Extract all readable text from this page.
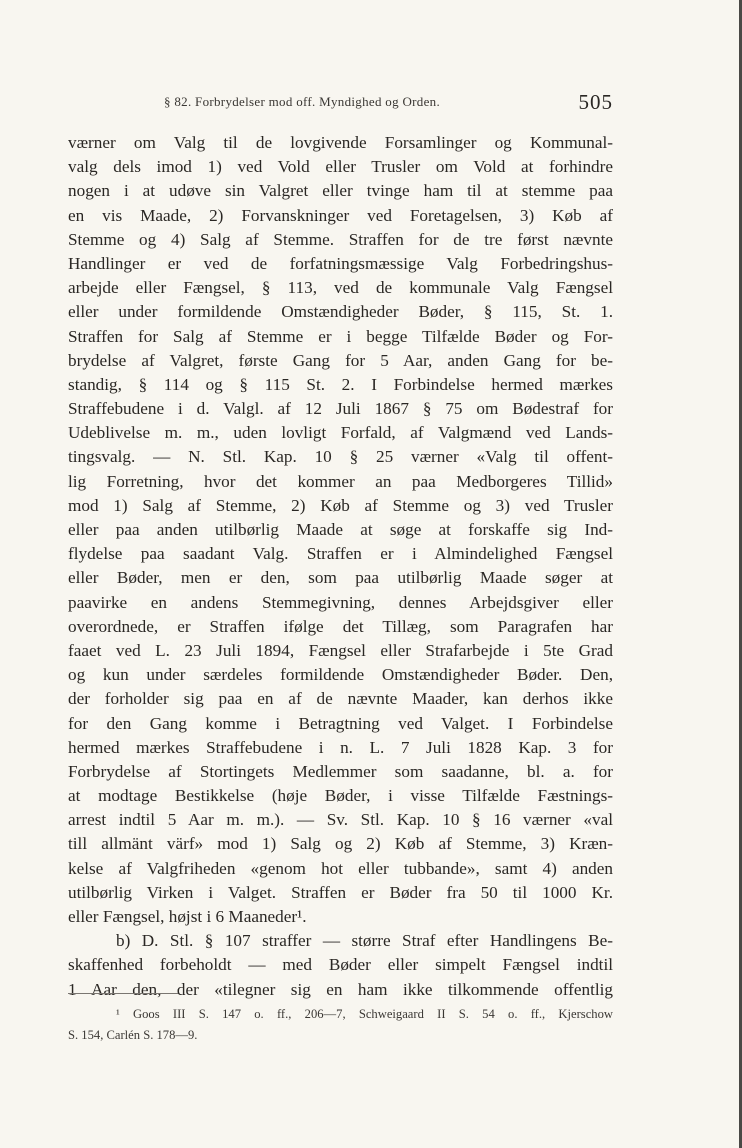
§ 82. Forbrydelser mod off. Myndighed og Orden.	505
værner om Valg til de lovgivende Forsamlinger og Kommunal-
valg dels imod 1) ved Vold eller Trusler om Vold at forhindre
nogen i at udøve sin Valgret eller tvinge ham til at stemme paa
en vis Maade, 2) Forvanskninger ved Foretagelsen, 3) Køb af
Stemme og 4) Salg af Stemme. Straffen for de tre først nævnte
Handlinger er ved de forfatningsmæssige Valg Forbedringshus-
arbejde eller Fængsel, § 113, ved de kommunale Valg Fængsel
eller under formildende Omstændigheder Bøder, § 115, St. 1.
Straffen for Salg af Stemme er i begge Tilfælde Bøder og For-
brydelse af Valgret, første Gang for 5 Aar, anden Gang for be-
standig, § 114 og § 115 St. 2. I Forbindelse hermed mærkes
Straffebudene i d. Valgl. af 12 Juli 1867 § 75 om Bødestraf for
Udeblivelse m. m., uden lovligt Forfald, af Valgmænd ved Lands-
tingsvalg. — N. Stl. Kap. 10 § 25 værner «Valg til offent-
lig Forretning, hvor det kommer an paa Medborgeres Tillid»
mod 1) Salg af Stemme, 2) Køb af Stemme og 3) ved Trusler
eller paa anden utilbørlig Maade at søge at forskaffe sig Ind-
flydelse paa saadant Valg. Straffen er i Almindelighed Fængsel
eller Bøder, men er den, som paa utilbørlig Maade søger at
paavirke en andens Stemmegivning, dennes Arbejdsgiver eller
overordnede, er Straffen ifølge det Tillæg, som Paragrafen har
faaet ved L. 23 Juli 1894, Fængsel eller Strafarbejde i 5te Grad
og kun under særdeles formildende Omstændigheder Bøder. Den,
der forholder sig paa en af de nævnte Maader, kan derhos ikke
for den Gang komme i Betragtning ved Valget. I Forbindelse
hermed mærkes Straffebudene i n. L. 7 Juli 1828 Kap. 3 for
Forbrydelse af Stortingets Medlemmer som saadanne, bl. a. for
at modtage Bestikkelse (høje Bøder, i visse Tilfælde Fæstnings-
arrest indtil 5 Aar m. m.). — Sv. Stl. Kap. 10 § 16 værner «val
till allmänt värf» mod 1) Salg og 2) Køb af Stemme, 3) Kræn-
kelse af Valgfriheden «genom hot eller tubbande», samt 4) anden
utilbørlig Virken i Valget. Straffen er Bøder fra 50 til 1000 Kr.
eller Fængsel, højst i 6 Maaneder¹.
b) D. Stl. § 107 straffer — større Straf efter Handlingens Be-
skaffenhed forbeholdt — med Bøder eller simpelt Fængsel indtil
1 Aar den, der «tilegner sig en ham ikke tilkommende offentlig
¹ Goos III S. 147 o. ff., 206—7, Schweigaard II S. 54 o. ff., Kjerschow
S. 154, Carlén S. 178—9.
